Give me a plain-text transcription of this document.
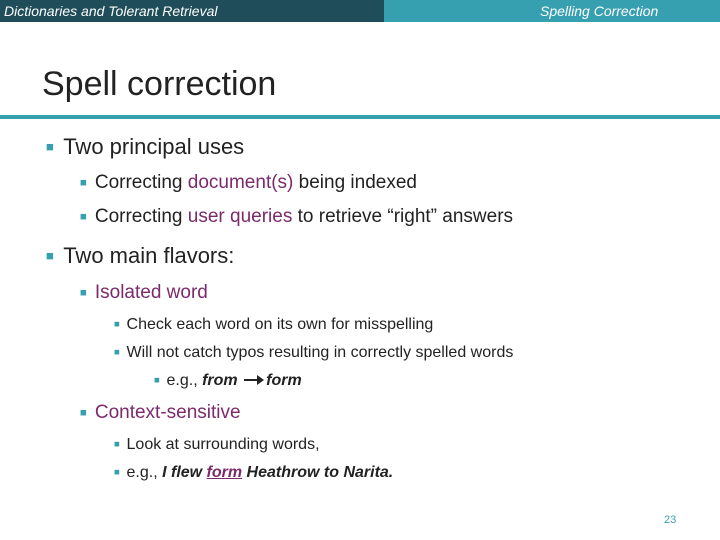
Dictionaries and Tolerant Retrieval	Spelling Correction
Spell correction
■ Two principal uses
■ Correcting document(s) being indexed
■ Correcting user queries to retrieve “right” answers
■ Two main flavors:
■ Isolated word
■ Check each word on its own for misspelling
■ Will not catch typos resulting in correctly spelled words
■ e.g., from form
■ Context-sensitive
■ Look at surrounding words,
■ e.g., I flew form Heathrow to Narita.
23
